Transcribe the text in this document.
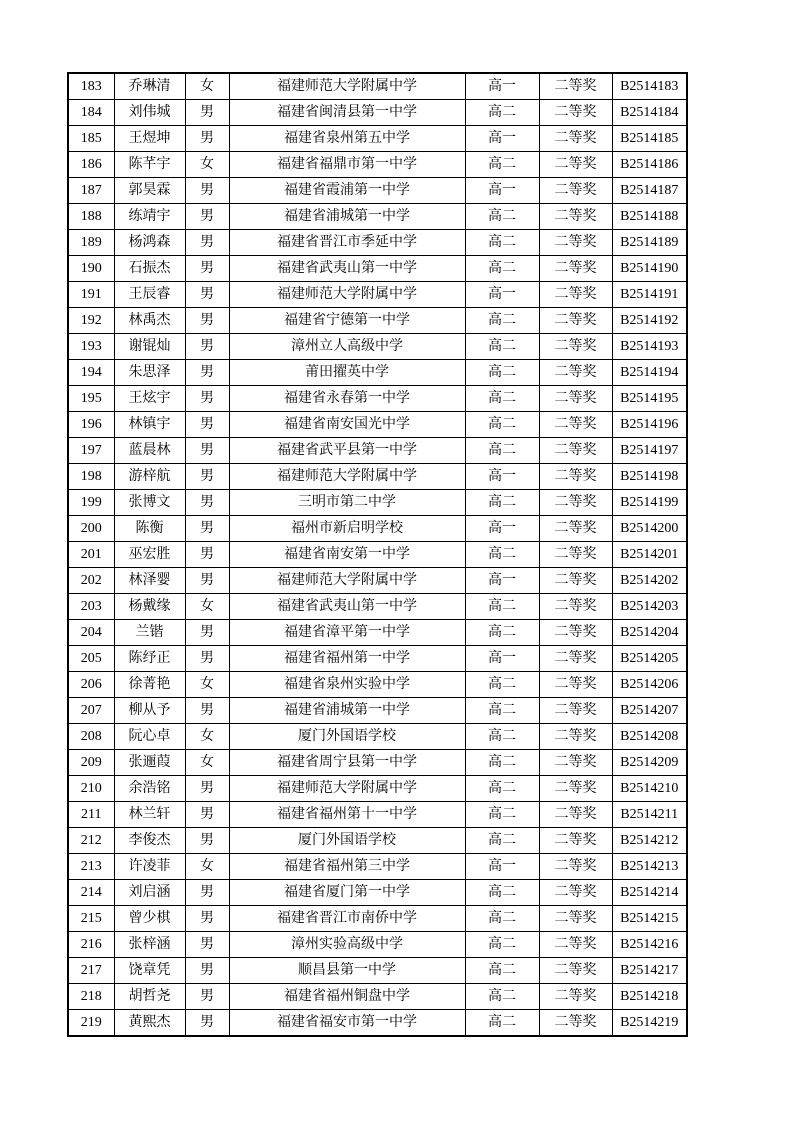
183	乔琳清	女	福建师范大学附属中学	高一	二等奖	B2514183
184	刘伟城	男	福建省闽清县第一中学	高二	二等奖	B2514184
185	王煜坤	男	福建省泉州第五中学	高一	二等奖	B2514185
186	陈芊宇	女	福建省福鼎市第一中学	高二	二等奖	B2514186
187	郭昊霖	男	福建省霞浦第一中学	高一	二等奖	B2514187
188	练靖宇	男	福建省浦城第一中学	高二	二等奖	B2514188
189	杨鸿森	男	福建省晋江市季延中学	高二	二等奖	B2514189
190	石振杰	男	福建省武夷山第一中学	高二	二等奖	B2514190
191	王辰睿	男	福建师范大学附属中学	高一	二等奖	B2514191
192	林禹杰	男	福建省宁德第一中学	高二	二等奖	B2514192
193	谢锟灿	男	漳州立人高级中学	高二	二等奖	B2514193
194	朱思泽	男	莆田擢英中学	高二	二等奖	B2514194
195	王炫宇	男	福建省永春第一中学	高二	二等奖	B2514195
196	林镇宇	男	福建省南安国光中学	高二	二等奖	B2514196
197	蓝晨林	男	福建省武平县第一中学	高二	二等奖	B2514197
198	游梓航	男	福建师范大学附属中学	高一	二等奖	B2514198
199	张博文	男	三明市第二中学	高二	二等奖	B2514199
200	陈衡	男	福州市新启明学校	高一	二等奖	B2514200
201	巫宏胜	男	福建省南安第一中学	高二	二等奖	B2514201
202	林泽婴	男	福建师范大学附属中学	高一	二等奖	B2514202
203	杨戴缘	女	福建省武夷山第一中学	高二	二等奖	B2514203
204	兰锴	男	福建省漳平第一中学	高二	二等奖	B2514204
205	陈纾正	男	福建省福州第一中学	高一	二等奖	B2514205
206	徐菁艳	女	福建省泉州实验中学	高二	二等奖	B2514206
207	柳从予	男	福建省浦城第一中学	高二	二等奖	B2514207
208	阮心卓	女	厦门外国语学校	高二	二等奖	B2514208
209	张逦葭	女	福建省周宁县第一中学	高二	二等奖	B2514209
210	余浩铭	男	福建师范大学附属中学	高二	二等奖	B2514210
211	林兰轩	男	福建省福州第十一中学	高二	二等奖	B2514211
212	李俊杰	男	厦门外国语学校	高二	二等奖	B2514212
213	许凌菲	女	福建省福州第三中学	高一	二等奖	B2514213
214	刘启涵	男	福建省厦门第一中学	高二	二等奖	B2514214
215	曾少棋	男	福建省晋江市南侨中学	高二	二等奖	B2514215
216	张梓涵	男	漳州实验高级中学	高二	二等奖	B2514216
217	饶章凭	男	顺昌县第一中学	高二	二等奖	B2514217
218	胡哲尧	男	福建省福州铜盘中学	高二	二等奖	B2514218
219	黄熙杰	男	福建省福安市第一中学	高二	二等奖	B2514219
